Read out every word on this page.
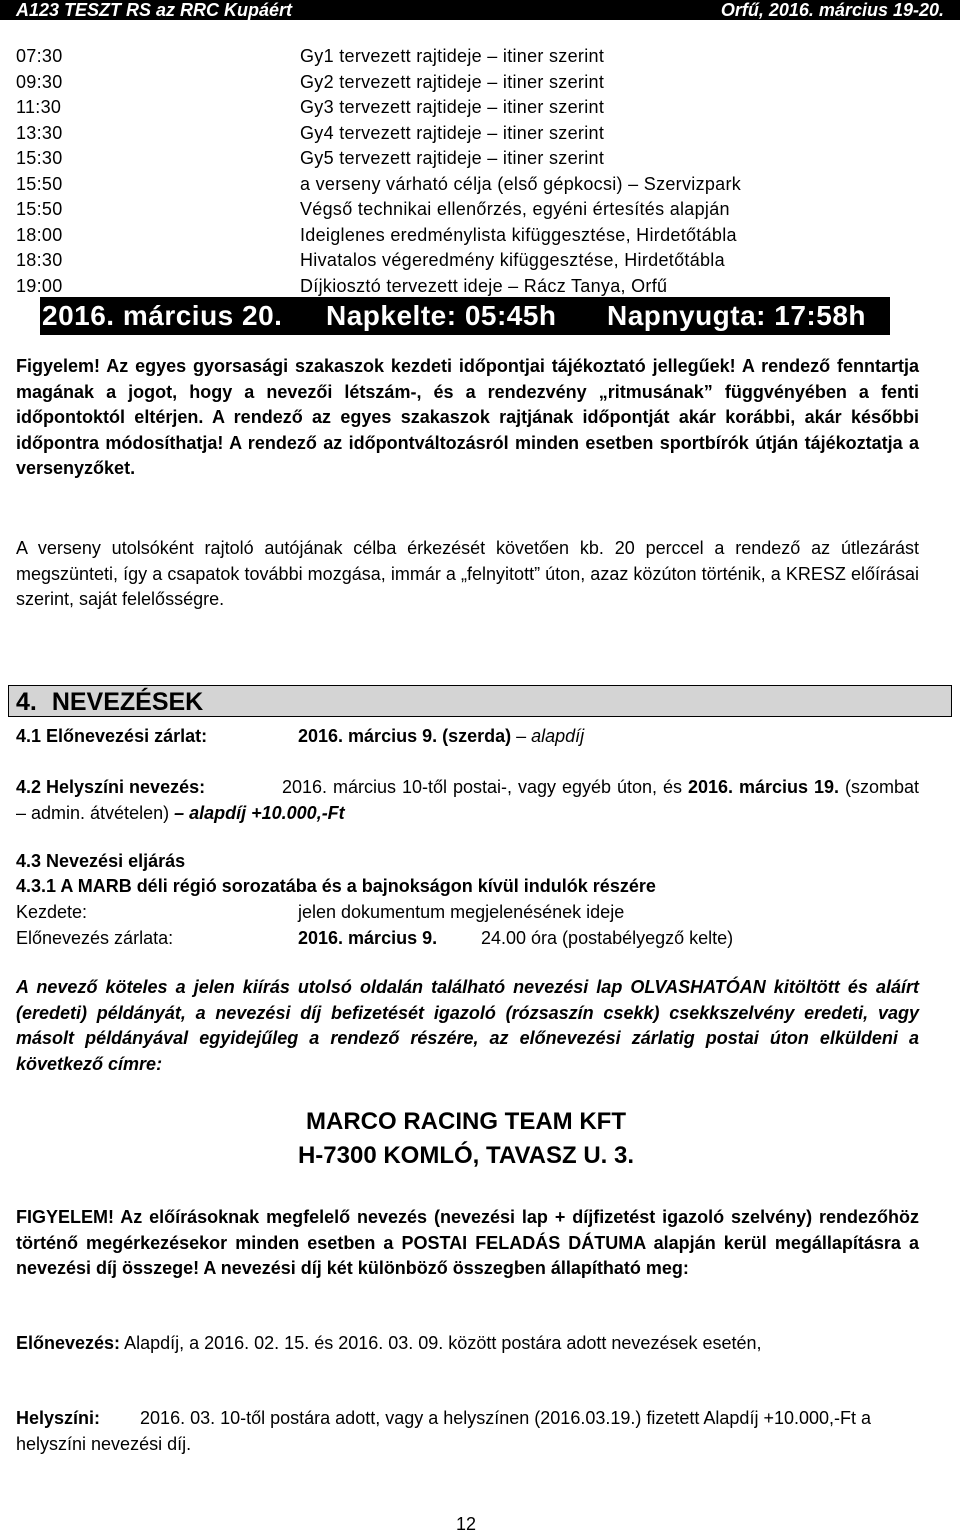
A123 TESZT RS az RRC Kupáért	Orfű, 2016. március 19-20.
07:30	Gy1 tervezett rajtideje – itiner szerint
09:30	Gy2 tervezett rajtideje – itiner szerint
11:30	Gy3 tervezett rajtideje – itiner szerint
13:30	Gy4 tervezett rajtideje – itiner szerint
15:30	Gy5 tervezett rajtideje – itiner szerint
15:50	a verseny várható célja (első gépkocsi) – Szervizpark
15:50	Végső technikai ellenőrzés, egyéni értesítés alapján
18:00	Ideiglenes eredménylista kifüggesztése, Hirdetőtábla
18:30	Hivatalos végeredmény kifüggesztése, Hirdetőtábla
19:00	Díjkiosztó tervezett ideje – Rácz Tanya, Orfű
2016. március 20. Napkelte: 05:45h Napnyugta: 17:58h
Figyelem! Az egyes gyorsasági szakaszok kezdeti időpontjai tájékoztató jellegűek! A rendező fenntartja magának a jogot, hogy a nevezői létszám-, és a rendezvény „ritmusának” függvényében a fenti időpontoktól eltérjen. A rendező az egyes szakaszok rajtjának időpontját akár korábbi, akár későbbi időpontra módosíthatja! A rendező az időpontváltozásról minden esetben sportbírók útján tájékoztatja a versenyzőket.
A verseny utolsóként rajtoló autójának célba érkezését követően kb. 20 perccel a rendező az útlezárást megszünteti, így a csapatok további mozgása, immár a „felnyitott” úton, azaz közúton történik, a KRESZ előírásai szerint, saját felelősségre.
4. NEVEZÉSEK
4.1 Előnevezési zárlat:	2016. március 9. (szerda) – alapdíj
4.2 Helyszíni nevezés:	2016. március 10-től postai-, vagy egyéb úton, és 2016. március 19. (szombat – admin. átvételen) – alapdíj +10.000,-Ft
4.3 Nevezési eljárás
4.3.1 A MARB déli régió sorozatába és a bajnokságon kívül indulók részére
Kezdete:	jelen dokumentum megjelenésének ideje
Előnevezés zárlata:	2016. március 9. 24.00 óra (postabélyegző kelte)
A nevező köteles a jelen kiírás utolsó oldalán található nevezési lap OLVASHATÓAN kitöltött és aláírt (eredeti) példányát, a nevezési díj befizetését igazoló (rózsaszín csekk) csekkszelvény eredeti, vagy másolt példányával egyidejűleg a rendező részére, az előnevezési zárlatig postai úton elküldeni a következő címre:
MARCO RACING TEAM KFT
H-7300 KOMLÓ, TAVASZ U. 3.
FIGYELEM! Az előírásoknak megfelelő nevezés (nevezési lap + díjfizetést igazoló szelvény) rendezőhöz történő megérkezésekor minden esetben a POSTAI FELADÁS DÁTUMA alapján kerül megállapításra a nevezési díj összege! A nevezési díj két különböző összegben állapítható meg:
Előnevezés: Alapdíj, a 2016. 02. 15. és 2016. 03. 09. között postára adott nevezések esetén,
Helyszíni: 2016. 03. 10-től postára adott, vagy a helyszínen (2016.03.19.) fizetett Alapdíj +10.000,-Ft a helyszíni nevezési díj.
12
